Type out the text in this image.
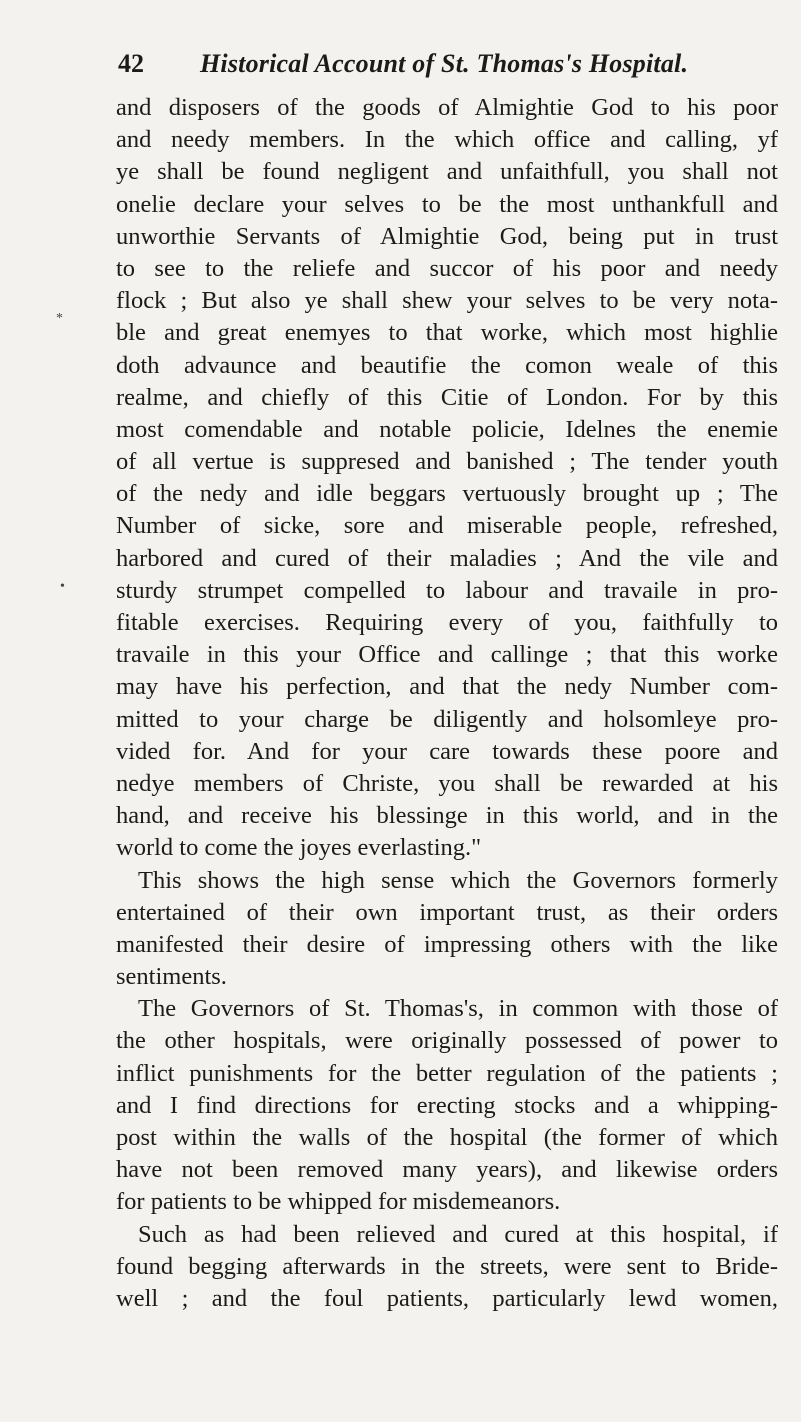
42 Historical Account of St. Thomas's Hospital.
*
•
and disposers of the goods of Almightie God to his poor
and needy members. In the which office and calling, yf
ye shall be found negligent and unfaithfull, you shall not
onelie declare your selves to be the most unthankfull and
unworthie Servants of Almightie God, being put in trust
to see to the reliefe and succor of his poor and needy
flock ; But also ye shall shew your selves to be very nota-
ble and great enemyes to that worke, which most highlie
doth advaunce and beautifie the comon weale of this
realme, and chiefly of this Citie of London. For by this
most comendable and notable policie, Idelnes the enemie
of all vertue is suppresed and banished ; The tender youth
of the nedy and idle beggars vertuously brought up ; The
Number of sicke, sore and miserable people, refreshed,
harbored and cured of their maladies ; And the vile and
sturdy strumpet compelled to labour and travaile in pro-
fitable exercises. Requiring every of you, faithfully to
travaile in this your Office and callinge ; that this worke
may have his perfection, and that the nedy Number com-
mitted to your charge be diligently and holsomleye pro-
vided for. And for your care towards these poore and
nedye members of Christe, you shall be rewarded at his
hand, and receive his blessinge in this world, and in the
world to come the joyes everlasting."
This shows the high sense which the Governors formerly
entertained of their own important trust, as their orders
manifested their desire of impressing others with the like
sentiments.
The Governors of St. Thomas's, in common with those of
the other hospitals, were originally possessed of power to
inflict punishments for the better regulation of the patients ;
and I find directions for erecting stocks and a whipping-
post within the walls of the hospital (the former of which
have not been removed many years), and likewise orders
for patients to be whipped for misdemeanors.
Such as had been relieved and cured at this hospital, if
found begging afterwards in the streets, were sent to Bride-
well ; and the foul patients, particularly lewd women,
